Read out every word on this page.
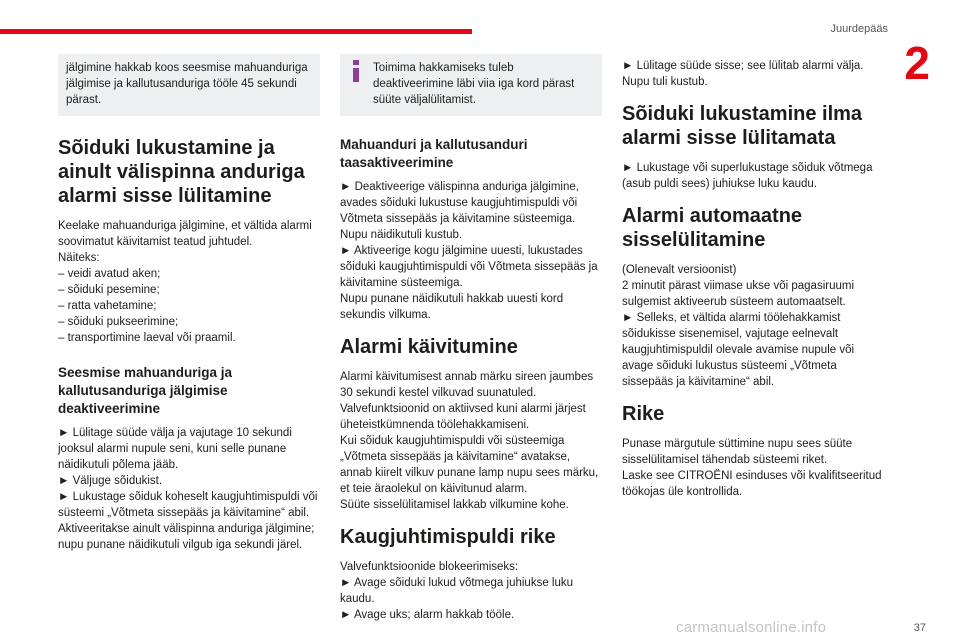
Juurdepääs
2
jälgimine hakkab koos seesmise mahuanduriga jälgimise ja kallutusanduriga tööle 45 sekundi pärast.
Sõiduki lukustamine ja ainult välispinna anduriga alarmi sisse lülitamine

Keelake mahuanduriga jälgimine, et vältida alarmi soovimatut käivitamist teatud juhtudel.

Näiteks:

– veidi avatud aken;

– sõiduki pesemine;

– ratta vahetamine;

– sõiduki pukseerimine;

– transportimine laeval või praamil.

Seesmise mahuanduriga ja kallutusanduriga jälgimise deaktiveerimine

► Lülitage süüde välja ja vajutage 10 sekundi jooksul alarmi nupule seni, kuni selle punane näidikutuli põlema jääb.

► Väljuge sõidukist.

► Lukustage sõiduk koheselt kaugjuhtimispuldi või süsteemi „Võtmeta sissepääs ja käivitamine“ abil.

Aktiveeritakse ainult välispinna anduriga jälgimine; nupu punane näidikutuli vilgub iga sekundi järel.

Toimima hakkamiseks tuleb deaktiveerimine läbi viia iga kord pärast süüte väljalülitamist.
Mahuanduri ja kallutusanduri taasaktiveerimine

► Deaktiveerige välispinna anduriga jälgimine, avades sõiduki lukustuse kaugjuhtimispuldi või Võtmeta sissepääs ja käivitamine süsteemiga.

Nupu näidikutuli kustub.

► Aktiveerige kogu jälgimine uuesti, lukustades sõiduki kaugjuhtimispuldi või Võtmeta sissepääs ja käivitamine süsteemiga.

Nupu punane näidikutuli hakkab uuesti kord sekundis vilkuma.

Alarmi käivitumine

Alarmi käivitumisest annab märku sireen jaumbes 30 sekundi kestel vilkuvad suunatuled.

Valvefunktsioonid on aktiivsed kuni alarmi järjest üheteistkümnenda töölehakkamiseni.

Kui sõiduk kaugjuhtimispuldi või süsteemiga „Võtmeta sissepääs ja käivitamine“ avatakse, annab kiirelt vilkuv punane lamp nupu sees märku, et teie äraolekul on käivitunud alarm.

Süüte sisselülitamisel lakkab vilkumine kohe.

Kaugjuhtimispuldi rike

Valvefunktsioonide blokeerimiseks:

► Avage sõiduki lukud võtmega juhiukse luku kaudu.

► Avage uks; alarm hakkab tööle.

► Lülitage süüde sisse; see lülitab alarmi välja.

Nupu tuli kustub.

Sõiduki lukustamine ilma alarmi sisse lülitamata

► Lukustage või superlukustage sõiduk võtmega (asub puldi sees) juhiukse luku kaudu.

Alarmi automaatne sisselülitamine

(Olenevalt versioonist)

2 minutit pärast viimase ukse või pagasiruumi sulgemist aktiveerub süsteem automaatselt.

► Selleks, et vältida alarmi töölehakkamist sõidukisse sisenemisel, vajutage eelnevalt kaugjuhtimispuldil olevale avamise nupule või avage sõiduki lukustus süsteemi „Võtmeta sissepääs ja käivitamine“ abil.

Rike

Punase märgutule süttimine nupu sees süüte sisselülitamisel tähendab süsteemi riket.

Laske see CITROËNI esinduses või kvalifitseeritud töökojas üle kontrollida.

carmanualsonline.info	37
